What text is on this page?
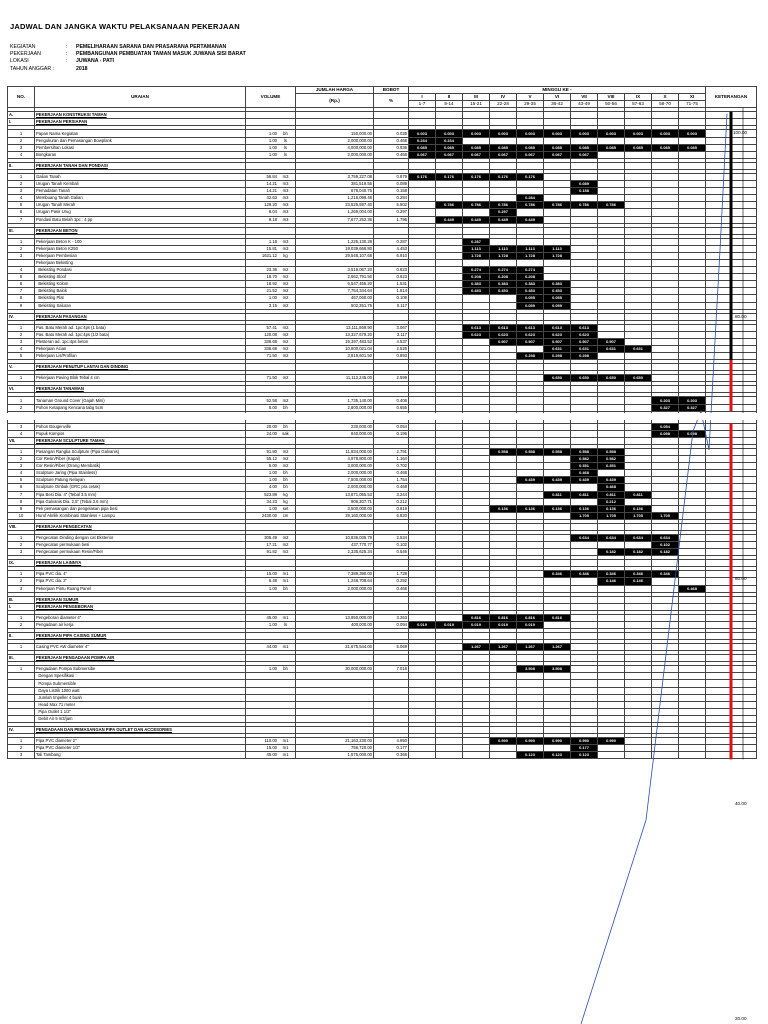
JADWAL DAN JANGKA WAKTU PELAKSANAAN PEKERJAAN
KEGIATAN	:	PEMELIHARAAN SARANA DAN PRASARANA PERTAMANAN
PEKERJAAN	:	PEMBANGUNAN PEMBUATAN TAMAN MASUK JUWANA SISI BARAT
LOKASI	:	JUWANA - PATI
TAHUN ANGGAR :	2018
NO.	URAIAN	VOLUME	JUMLAH HARGA	BOBOT	MINGGU KE -											KETERANGAN
			(Rp.)	%	$\overline{I}$	$\overline{II}$	$\overline{III}$	$\overline{IV}$	$\overline{V}$	$\overline{VI}$	$\overline{VII}$	VIII	$\overline{IX}$	$\overline{X}$	$\overline{XI}$
					1-7	8-14	15-21	22-28	29-35	36-42	43-49	50-56	57-63	58-70	71-75	

A.	PEKERJAAN KONSTRUKSI TAMAN															
I.	PEKERJAAN PERSIAPAN															

1	Papan Nama Kegiatan	1.00 bh	150,000.00	0.035	0.003	0.003	0.003	0.003	0.003	0.003	0.003	0.003	0.003	0.003	0.003	
2	Pengukuran dan Pemasangan Bowplank	1.00 ls	2,000,000.00	0.468	0.234	0.234										
3	Pembersihan Lokasi	1.00 ls	4,000,000.00	0.936	0.085	0.085	0.085	0.085	0.085	0.085	0.085	0.085	0.085	0.085	0.085	
4	Bongkaran	1.00 ls	2,000,000.00	0.468	0.067	0.067	0.067	0.067	0.067	0.067	0.067					

II.	PEKERJAAN TANAH DAN PONDASI															

1	Galian Tanah	56.84 m3	3,759,227.08	0.879	0.176	0.176	0.176	0.176	0.176							
2	Urugan Tanah Kembali	14.21 m3	381,519.55	0.089							0.089					
3	Pemadatan Tanah	14.21 m3	676,040.75	0.158							0.158					
4	Membuang Tanah Galian	42.63 m3	1,216,099.48	0.284					0.284							
5	Urugan Tanah Merah	128.20 m3	23,525,597.40	5.502		0.786	0.786	0.786	0.786	0.786	0.786	0.786				
6	Urugan Pasir Urug	6.04 m3	1,269,004.00	0.297				0.297								
7	Pondasi Batu Belah 1pc : 4 pp	9.18 m3	7,677,252.36	1.796		0.449	0.449	0.449	0.449							

III.	PEKERJAAN BETON															

1	Pekerjaan Beton K - 100	1.18 m3	1,225,130.28	0.287			0.287									
2	Pekerjaan Beton K250	15.81 m3	19,039,666.80	4.453			1.113	1.113	1.113	1.113						
3	Pekerjaan Pembesian	1631.12 kg	29,546,107.68	6.910			1.728	1.728	1.728	1.728						
	Pekerjaan Bekisting															
4	Bekisting Pondasi	23.36 m2	3,519,067.20	0.823			0.274	0.274	0.274							
5	Bekisting Sloof	16.70 m2	2,662,791.50	0.623			0.208	0.208	0.208							
6	Bekisting Kolom	18.92 m2	6,547,455.20	1.531			0.383	0.383	0.383	0.383						
7	Bekisting Balok	21.52 m2	7,754,344.64	1.814			0.453	0.453	0.453	0.453						
8	Bekisting Plat	1.00 m2	467,060.00	0.109					0.055	0.055						
9	Bekisting Saluran	3.15 m2	502,351.75	0.117					0.059	0.059						

IV.	PEKERJAAN PASANGAN															

1	Pas. Batu Merah ad. 1pc:4ps (1 bata)	57.41 m2	13,111,869.90	3.067			0.613	0.613	0.613	0.613	0.613					
2	Pas. Batu Merah ad. 1pc:4ps (1/2 bata)	120.08 m2	13,327,679.20	3.117			0.623	0.623	0.623	0.623	0.623					
3	Plesteran ad. 1pc:4ps beton	336.68 m2	19,397,483.52	4.537				0.907	0.907	0.907	0.907	0.907				
4	Pekerjaan Acian	336.68 m2	10,800,021.04	2.526						0.631	0.631	0.631	0.631			
5	Pekerjaan Lis/Profilan	71.50 m2	3,819,601.50	0.893					0.298	0.298	0.298					

V.	PEKERJAAN PENUTUP LANTAI DAN DINDING															

1	Pekerjaan Paving Blok Tebal 4 cm	71.50 m2	11,113,245.00	2.599						0.650	0.650	0.650	0.650			

VI.	PEKERJAAN TANAMAN															

1	Tanaman Ground Cover (Gajah Mini)	52.58 m2	1,735,140.00	0.406										0.203	0.203	
2	Pohon Ketapang Kencana tabg 5cm	8.00 bh	2,800,000.00	0.655										0.327	0.327	

3	Pohon Bougenville	20.00 bh	230,000.00	0.054										0.054		
4	Pupuk Kompos	24.00 sak	840,000.00	0.196										0.098	0.098	
VII.	PEKERJAAN SCULPTURE TAMAN															

1	Pasangan Rangka Sculpture (Pipa Galvanis)	91.80 m2	11,934,000.00	2.791				0.558	0.558	0.558	0.558	0.558				
2	Cor Resin/Fiber (Kapal)	55.12 m2	4,978,800.00	1.164							0.582	0.582				
3	Cor Resin/Fiber (Orang Membatik)	5.00 m2	3,000,000.00	0.702							0.351	0.351				
4	Sculpture Jaring (Pipa Stainless)	1.00 bh	2,000,000.00	0.468							0.468					
5	Sculpture Patung Nelayan	1.00 bh	7,500,000.00	1.754					0.439	0.439	0.439	0.439				
6	Sculpture Ombak (GRC pra cetak)	4.00 bh	2,000,000.00	0.468								0.468				
7	Pipa Besi Dia. 4" (Tebal 3.5 mm)	523.89 kg	13,871,055.53	3.244						0.811	0.811	0.811	0.811			
8	Pipa Galvanis Dia. 2,5" (Tebal 3.6 mm)	34.23 kg	906,307.71	0.212								0.212				
9	Pek pemasangan dan pengelasan pipa besi	1.00 set	3,500,000.00	0.819				0.136	0.136	0.136	0.136	0.136	0.136			
10	Huruf Akrilik Kombinasi Stainless + Lampu	2430.00 cm	29,160,000.00	6.820							1.705	1.705	1.705	1.705		

VIII.	PEKERJAAN PENGECATAN															

1	Pengecatan Dinding dengan cat Eksterior	305.49 m2	10,836,035.79	2.534							0.634	0.634	0.634	0.634		
2	Pengecatan permukaan besi	17.21 m2	437,770.77	0.102										0.102		
3	Pengecatan permukaan Resin/Fiber	91.82 m2	2,335,625.34	0.546								0.182	0.182	0.182		

IX.	PEKERJAAN LAINNYA															

1	Pipa PVC dia. 4"	15.00 m1	7,389,390.00	1.728						0.346	0.346	0.346	0.346	0.346		
2	Pipa PVC dia. 2"	6.48 m1	1,246,708.64	0.292								0.146	0.146			
3	Pekerjaan Pintu Ruang Panel	1.00 bh	2,000,000.00	0.468											0.468	

B.	PEKERJAAN SUMUR															
I.	PEKERJAAN PENGEBORAN															

1	Pengeboran diameter 4"	45.00 m1	13,950,000.00	3.263			0.816	0.816	0.816	0.816						
2	Pengadaan air kerja	1.00 ls	400,000.00	0.094	0.019	0.019	0.019	0.019	0.019							

II.	PEKERJAAN PIPA CASING SUMUR															

1	Casing PVC AW diameter 4"	44.00 m1	21,675,544.00	5.069			1.267	1.267	1.267	1.267						

III.	PEKERJAAN PENGADAAN POMPA AIR															

1	Pengadaan Pompa Submersibe	1.00 bh	30,000,000.00	7.016					3.508	3.508						
	Dengan Spesifikasi :															
	Pompa Submersible															
	Daya Listrik 1000 watt															
	Jumlah Impeller 4 buah															
	Head Max 71 meter															
	Pipa Outlet 1 1/2"															
	Debit Air 5 m3/jam															

IV.	PENGADAAN DAN PEMASANGAN PIPA OUTLET DAN ACCESORIES															

1	Pipa PVC diameter 2"	110.00 m1	21,163,230.00	4.950				0.990	0.990	0.990	0.990	0.990				
2	Pipa PVC diameter 1/2"	15.00 m1	756,720.00	0.177							0.177					
3	Tali Tambang	45.00 m1	1,575,000.00	0.368					0.123	0.123	0.123					
100.00
80.00
80.00
40.00
20.00
